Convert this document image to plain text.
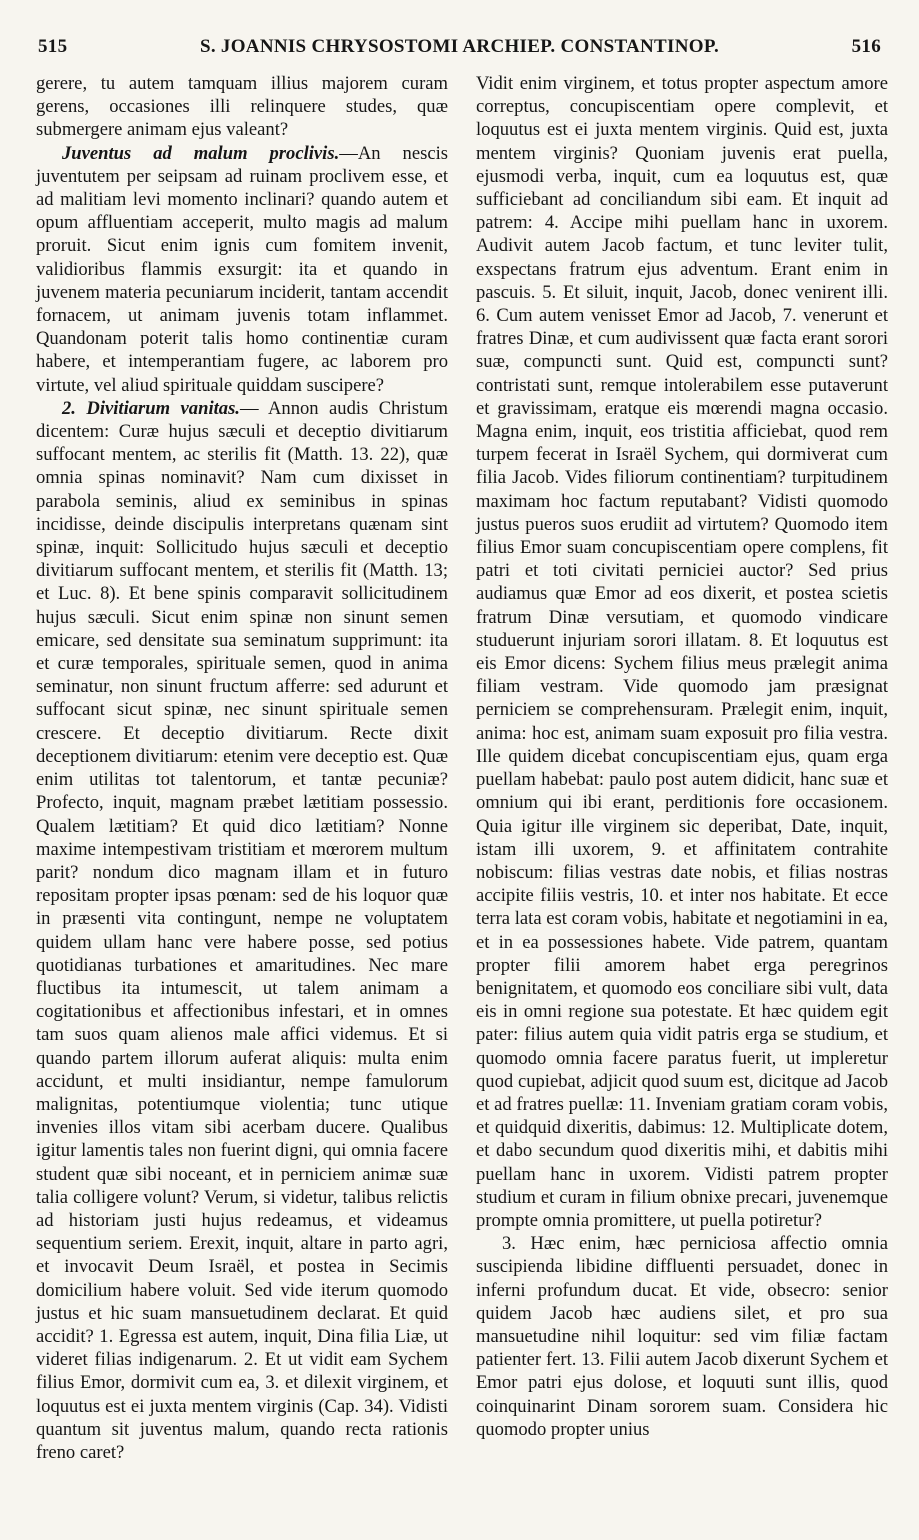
515	S. JOANNIS CHRYSOSTOMI ARCHIEP. CONSTANTINOP.	516

gerere, tu autem tamquam illius majorem curam gerens, occasiones illi relinquere studes, quæ submergere animam ejus valeant?

Juventus ad malum proclivis.—An nescis juventutem per seipsam ad ruinam proclivem esse, et ad malitiam levi momento inclinari? quando autem et opum affluentiam acceperit, multo magis ad malum proruit. Sicut enim ignis cum fomitem invenit, validioribus flammis exsurgit: ita et quando in juvenem materia pecuniarum inciderit, tantam accendit fornacem, ut animam juvenis totam inflammet. Quandonam poterit talis homo continentiæ curam habere, et intemperantiam fugere, ac laborem pro virtute, vel aliud spirituale quiddam suscipere?

2. Divitiarum vanitas.— Annon audis Christum dicentem: Curæ hujus sæculi et deceptio divitiarum suffocant mentem, ac sterilis fit (Matth. 13. 22), quæ omnia spinas nominavit? Nam cum dixisset in parabola seminis, aliud ex seminibus in spinas incidisse, deinde discipulis interpretans quænam sint spinæ, inquit: Sollicitudo hujus sæculi et deceptio divitiarum suffocant mentem, et sterilis fit (Matth. 13; et Luc. 8). Et bene spinis comparavit sollicitudinem hujus sæculi. Sicut enim spinæ non sinunt semen emicare, sed densitate sua seminatum supprimunt: ita et curæ temporales, spirituale semen, quod in anima seminatur, non sinunt fructum afferre: sed adurunt et suffocant sicut spinæ, nec sinunt spirituale semen crescere. Et deceptio divitiarum. Recte dixit deceptionem divitiarum: etenim vere deceptio est. Quæ enim utilitas tot talentorum, et tantæ pecuniæ? Profecto, inquit, magnam præbet lætitiam possessio. Qualem lætitiam? Et quid dico lætitiam? Nonne maxime intempestivam tristitiam et mœrorem multum parit? nondum dico magnam illam et in futuro repositam propter ipsas pœnam: sed de his loquor quæ in præsenti vita contingunt, nempe ne voluptatem quidem ullam hanc vere habere posse, sed potius quotidianas turbationes et amaritudines. Nec mare fluctibus ita intumescit, ut talem animam a cogitationibus et affectionibus infestari, et in omnes tam suos quam alienos male affici videmus. Et si quando partem illorum auferat aliquis: multa enim accidunt, et multi insidiantur, nempe famulorum malignitas, potentiumque violentia; tunc utique invenies illos vitam sibi acerbam ducere. Qualibus igitur lamentis tales non fuerint digni, qui omnia facere student quæ sibi noceant, et in perniciem animæ suæ talia colligere volunt? Verum, si videtur, talibus relictis ad historiam justi hujus redeamus, et videamus sequentium seriem. Erexit, inquit, altare in parto agri, et invocavit Deum Israël, et postea in Secimis domicilium habere voluit. Sed vide iterum quomodo justus et hic suam mansuetudinem declarat. Et quid accidit? 1. Egressa est autem, inquit, Dina filia Liæ, ut videret filias indigenarum. 2. Et ut vidit eam Sychem filius Emor, dormivit cum ea, 3. et dilexit virginem, et loquutus est ei juxta mentem virginis (Cap. 34). Vidisti quantum sit juventus malum, quando recta rationis freno caret?

Vidit enim virginem, et totus propter aspectum amore correptus, concupiscentiam opere complevit, et loquutus est ei juxta mentem virginis. Quid est, juxta mentem virginis? Quoniam juvenis erat puella, ejusmodi verba, inquit, cum ea loquutus est, quæ sufficiebant ad conciliandum sibi eam. Et inquit ad patrem: 4. Accipe mihi puellam hanc in uxorem. Audivit autem Jacob factum, et tunc leviter tulit, exspectans fratrum ejus adventum. Erant enim in pascuis. 5. Et siluit, inquit, Jacob, donec venirent illi. 6. Cum autem venisset Emor ad Jacob, 7. venerunt et fratres Dinæ, et cum audivissent quæ facta erant sorori suæ, compuncti sunt. Quid est, compuncti sunt? contristati sunt, remque intolerabilem esse putaverunt et gravissimam, eratque eis mœrendi magna occasio. Magna enim, inquit, eos tristitia afficiebat, quod rem turpem fecerat in Israël Sychem, qui dormiverat cum filia Jacob. Vides filiorum continentiam? turpitudinem maximam hoc factum reputabant? Vidisti quomodo justus pueros suos erudiit ad virtutem? Quomodo item filius Emor suam concupiscentiam opere complens, fit patri et toti civitati perniciei auctor? Sed prius audiamus quæ Emor ad eos dixerit, et postea scietis fratrum Dinæ versutiam, et quomodo vindicare studuerunt injuriam sorori illatam. 8. Et loquutus est eis Emor dicens: Sychem filius meus prælegit anima filiam vestram. Vide quomodo jam præsignat perniciem se comprehensuram. Prælegit enim, inquit, anima: hoc est, animam suam exposuit pro filia vestra. Ille quidem dicebat concupiscentiam ejus, quam erga puellam habebat: paulo post autem didicit, hanc suæ et omnium qui ibi erant, perditionis fore occasionem. Quia igitur ille virginem sic deperibat, Date, inquit, istam illi uxorem, 9. et affinitatem contrahite nobiscum: filias vestras date nobis, et filias nostras accipite filiis vestris, 10. et inter nos habitate. Et ecce terra lata est coram vobis, habitate et negotiamini in ea, et in ea possessiones habete. Vide patrem, quantam propter filii amorem habet erga peregrinos benignitatem, et quomodo eos conciliare sibi vult, data eis in omni regione sua potestate. Et hæc quidem egit pater: filius autem quia vidit patris erga se studium, et quomodo omnia facere paratus fuerit, ut impleretur quod cupiebat, adjicit quod suum est, dicitque ad Jacob et ad fratres puellæ: 11. Inveniam gratiam coram vobis, et quidquid dixeritis, dabimus: 12. Multiplicate dotem, et dabo secundum quod dixeritis mihi, et dabitis mihi puellam hanc in uxorem. Vidisti patrem propter studium et curam in filium obnixe precari, juvenemque prompte omnia promittere, ut puella potiretur?

3. Hæc enim, hæc perniciosa affectio omnia suscipienda libidine diffluenti persuadet, donec in inferni profundum ducat. Et vide, obsecro: senior quidem Jacob hæc audiens silet, et pro sua mansuetudine nihil loquitur: sed vim filiæ factam patienter fert. 13. Filii autem Jacob dixerunt Sychem et Emor patri ejus dolose, et loquuti sunt illis, quod coinquinarint Dinam sororem suam. Considera hic quomodo propter unius
